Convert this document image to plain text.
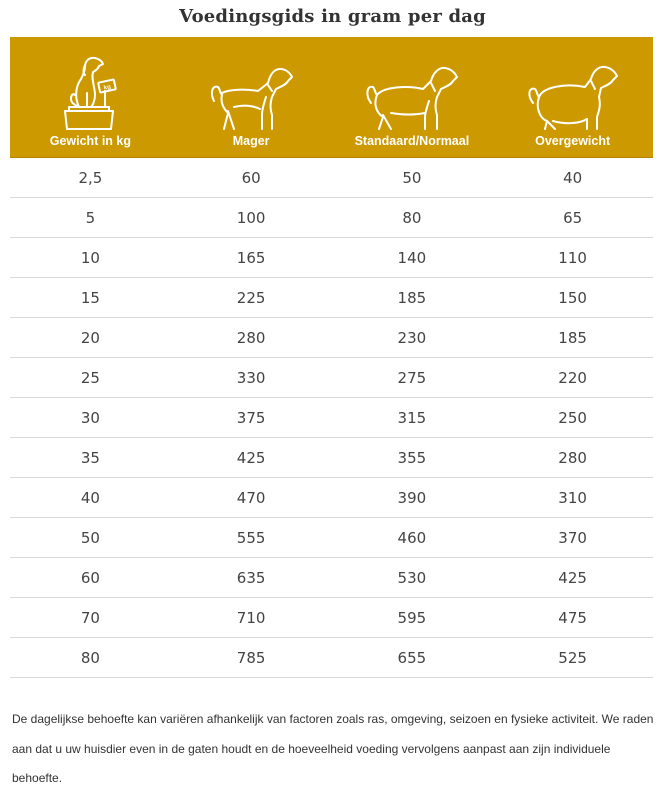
Voedingsgids in gram per dag
kg
Gewicht in kg	Mager	Standaard/Normaal	Overgewicht
2,5	60	50	40
5	100	80	65
10	165	140	110
15	225	185	150
20	280	230	185
25	330	275	220
30	375	315	250
35	425	355	280
40	470	390	310
50	555	460	370
60	635	530	425
70	710	595	475
80	785	655	525
De dagelijkse behoefte kan variëren afhankelijk van factoren zoals ras, omgeving, seizoen en fysieke activiteit. We raden aan dat u uw huisdier even in de gaten houdt en de hoeveelheid voeding vervolgens aanpast aan zijn individuele behoefte.
